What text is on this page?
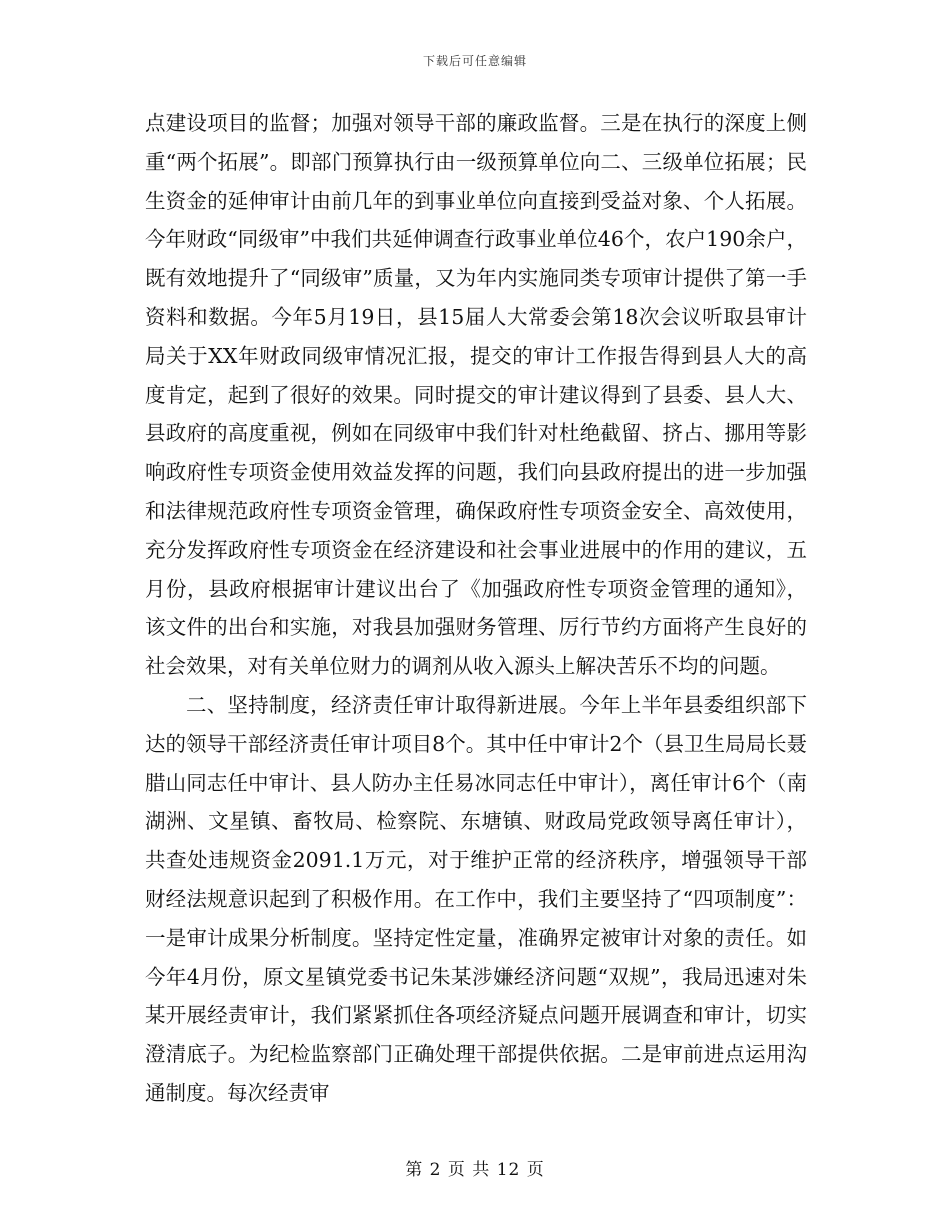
下载后可任意编辑

点建设项目的监督；加强对领导干部的廉政监督。三是在执行的深度上侧重“两个拓展”。即部门预算执行由一级预算单位向二、三级单位拓展；民生资金的延伸审计由前几年的到事业单位向直接到受益对象、个人拓展。今年财政“同级审”中我们共延伸调查行政事业单位46个，农户190余户，既有效地提升了“同级审”质量，又为年内实施同类专项审计提供了第一手资料和数据。今年5月19日，县15届人大常委会第18次会议听取县审计局关于XX年财政同级审情况汇报，提交的审计工作报告得到县人大的高度肯定，起到了很好的效果。同时提交的审计建议得到了县委、县人大、县政府的高度重视，例如在同级审中我们针对杜绝截留、挤占、挪用等影响政府性专项资金使用效益发挥的问题，我们向县政府提出的进一步加强和法律规范政府性专项资金管理，确保政府性专项资金安全、高效使用，充分发挥政府性专项资金在经济建设和社会事业进展中的作用的建议，五月份，县政府根据审计建议出台了《加强政府性专项资金管理的通知》，该文件的出台和实施，对我县加强财务管理、厉行节约方面将产生良好的社会效果，对有关单位财力的调剂从收入源头上解决苦乐不均的问题。

二、坚持制度，经济责任审计取得新进展。今年上半年县委组织部下达的领导干部经济责任审计项目8个。其中任中审计2个（县卫生局局长聂腊山同志任中审计、县人防办主任易冰同志任中审计），离任审计6个（南湖洲、文星镇、畜牧局、检察院、东塘镇、财政局党政领导离任审计），共查处违规资金2091.1万元，对于维护正常的经济秩序，增强领导干部财经法规意识起到了积极作用。在工作中，我们主要坚持了“四项制度”：一是审计成果分析制度。坚持定性定量，准确界定被审计对象的责任。如今年4月份，原文星镇党委书记朱某涉嫌经济问题“双规”，我局迅速对朱某开展经责审计，我们紧紧抓住各项经济疑点问题开展调查和审计，切实澄清底子。为纪检监察部门正确处理干部提供依据。二是审前进点运用沟通制度。每次经责审

第 2 页 共 12 页
